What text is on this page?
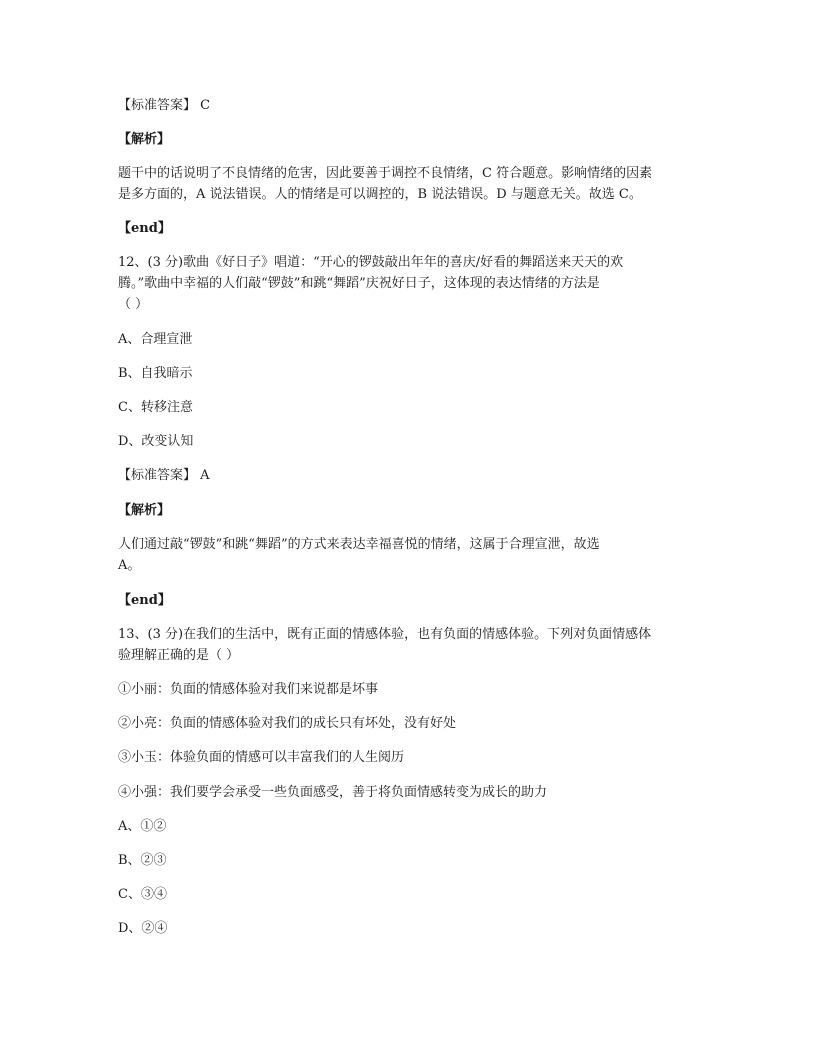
【标准答案】 C
【解析】
题干中的话说明了不良情绪的危害，因此要善于调控不良情绪，C 符合题意。影响情绪的因素
是多方面的，A 说法错误。人的情绪是可以调控的，B 说法错误。D 与题意无关。故选 C。
【end】
12、(3 分)歌曲《好日子》唱道：“开心的锣鼓敲出年年的喜庆/好看的舞蹈送来天天的欢
腾。”歌曲中幸福的人们敲“锣鼓”和跳“舞蹈”庆祝好日子，这体现的表达情绪的方法是
（ ）
A、合理宣泄
B、自我暗示
C、转移注意
D、改变认知
【标准答案】 A
【解析】
人们通过敲“锣鼓”和跳“舞蹈”的方式来表达幸福喜悦的情绪，这属于合理宣泄，故选
A。
【end】
13、(3 分)在我们的生活中，既有正面的情感体验，也有负面的情感体验。下列对负面情感体
验理解正确的是（ ）
①小丽：负面的情感体验对我们来说都是坏事
②小亮：负面的情感体验对我们的成长只有坏处，没有好处
③小玉：体验负面的情感可以丰富我们的人生阅历
④小强：我们要学会承受一些负面感受，善于将负面情感转变为成长的助力
A、①②
B、②③
C、③④
D、②④
